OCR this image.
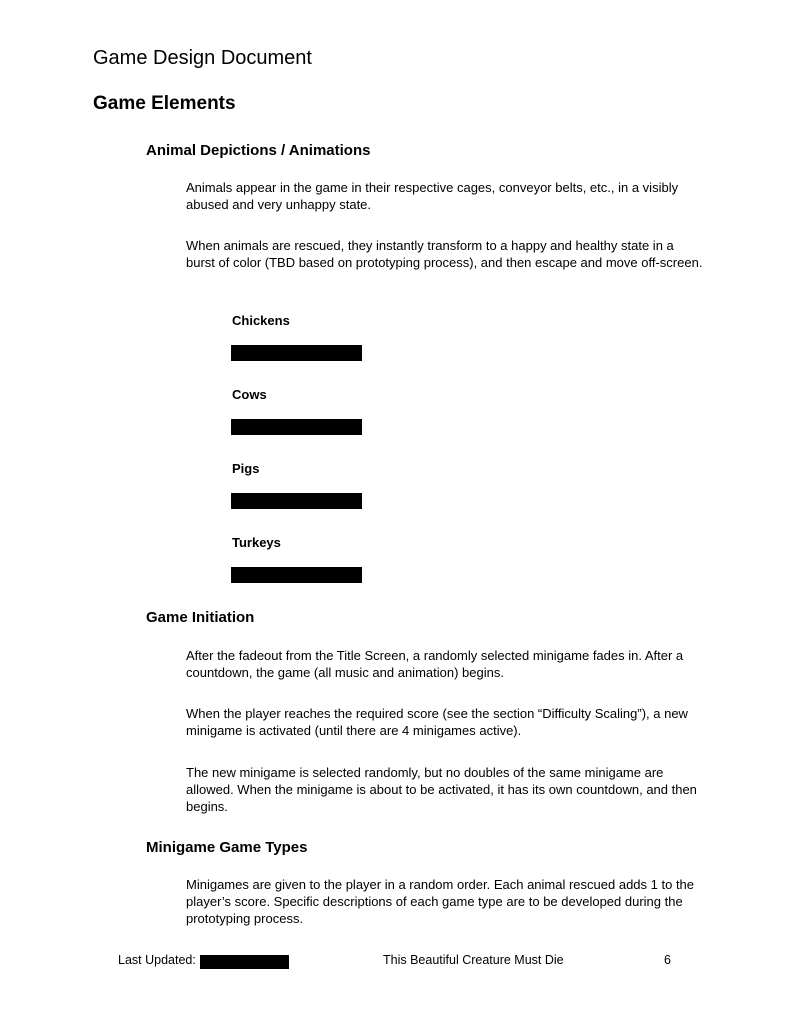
Game Design Document
Game Elements
Animal Depictions / Animations
Animals appear in the game in their respective cages, conveyor belts, etc., in a visibly abused and very unhappy state.
When animals are rescued, they instantly transform to a happy and healthy state in a burst of color (TBD based on prototyping process), and then escape and move off-screen.
Chickens
Cows
Pigs
Turkeys
Game Initiation
After the fadeout from the Title Screen, a randomly selected minigame fades in. After a countdown, the game (all music and animation) begins.
When the player reaches the required score (see the section “Difficulty Scaling”), a new minigame is activated (until there are 4 minigames active).
The new minigame is selected randomly, but no doubles of the same minigame are allowed. When the minigame is about to be activated, it has its own countdown, and then begins.
Minigame Game Types
Minigames are given to the player in a random order. Each animal rescued adds 1 to the player’s score. Specific descriptions of each game type are to be developed during the prototyping process.
Last Updated:	This Beautiful Creature Must Die	6
